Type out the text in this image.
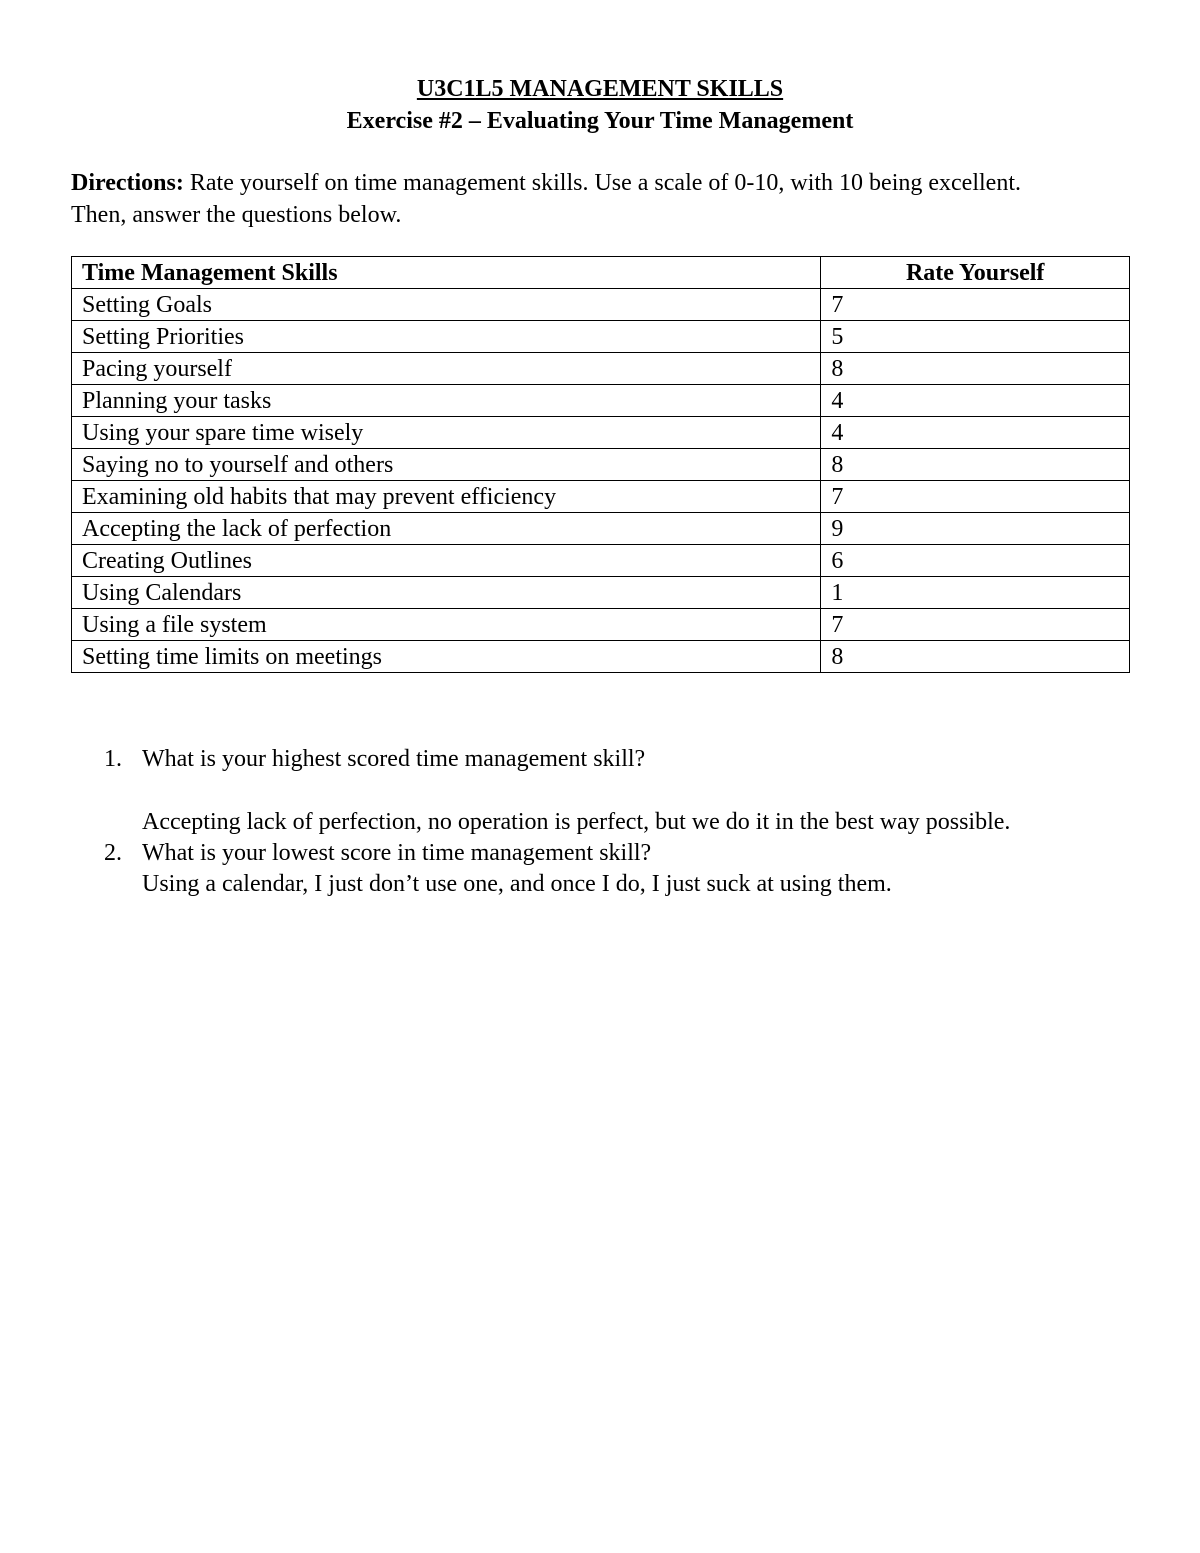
U3C1L5 MANAGEMENT SKILLS
Exercise #2 – Evaluating Your Time Management
Directions: Rate yourself on time management skills. Use a scale of 0-10, with 10 being excellent. Then, answer the questions below.
Time Management Skills	Rate Yourself
Setting Goals	7
Setting Priorities	5
Pacing yourself	8
Planning your tasks	4
Using your spare time wisely	4
Saying no to yourself and others	8
Examining old habits that may prevent efficiency	7
Accepting the lack of perfection	9
Creating Outlines	6
Using Calendars	1
Using a file system	7
Setting time limits on meetings	8
1. What is your highest scored time management skill?
Accepting lack of perfection, no operation is perfect, but we do it in the best way possible.
2. What is your lowest score in time management skill?
Using a calendar, I just don’t use one, and once I do, I just suck at using them.
